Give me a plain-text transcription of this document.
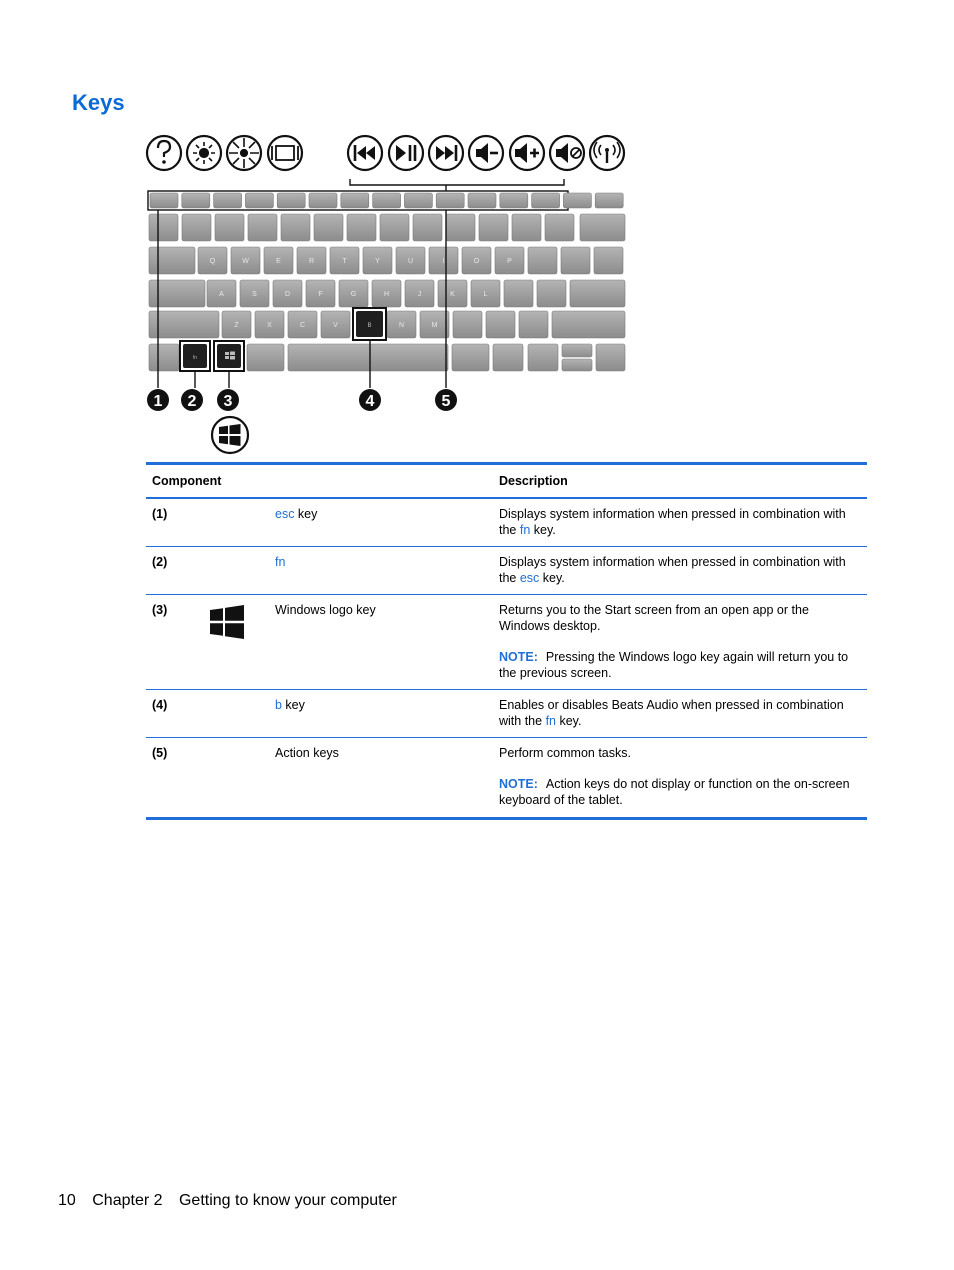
Keys
Q	W	E	R	T	Y	U	I	O	P
A	S	D	F	G	H	J	K	L
Z	X	C	V	N	M
fn
B
1 2 3	4	5
Component			Description
(1)		esc key	Displays system information when pressed in combination with the fn key.
(2)		fn	Displays system information when pressed in combination with the esc key.
(3)		Windows logo key	Returns you to the Start screen from an open app or the Windows desktop.
NOTE: Pressing the Windows logo key again will return you to the previous screen.

(4)		b key	Enables or disables Beats Audio when pressed in combination with the fn key.
(5)		Action keys	Perform common tasks.
NOTE: Action keys do not display or function on the on-screen keyboard of the tablet.
10 Chapter 2 Getting to know your computer
